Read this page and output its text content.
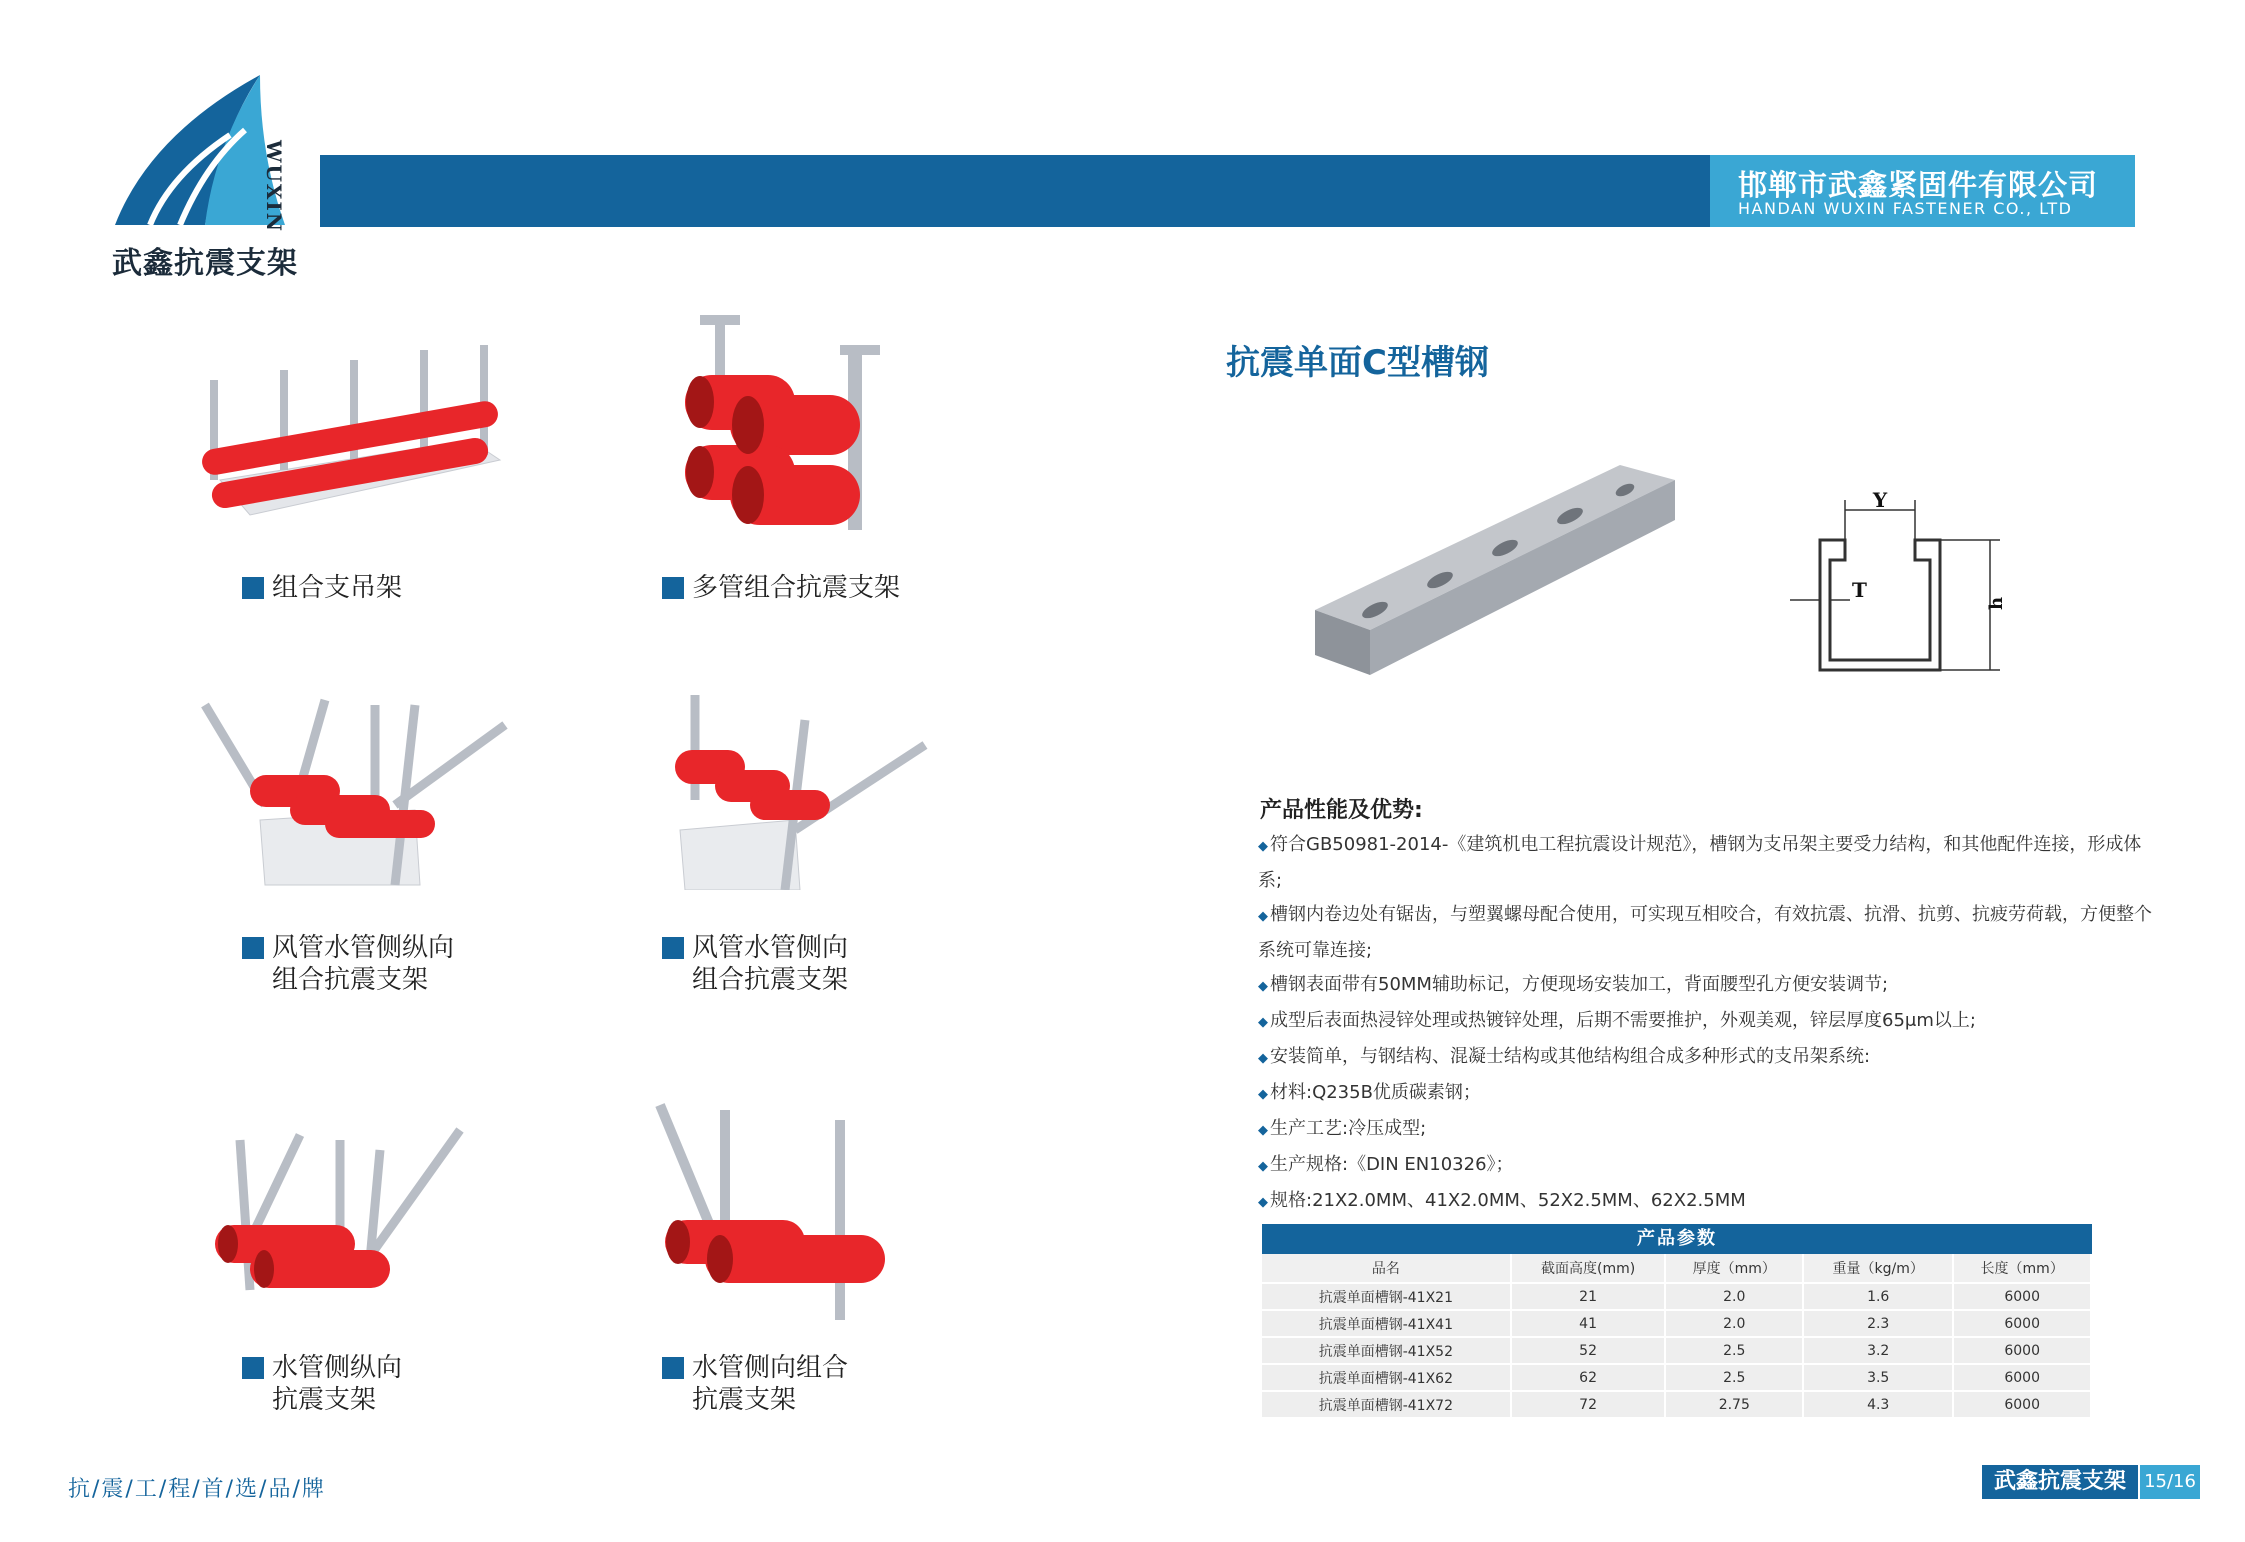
WUXIN
武鑫抗震支架
邯郸市武鑫紧固件有限公司
HANDAN WUXIN FASTENER CO., LTD
组合支吊架	多管组合抗震支架
风管水管侧纵向
组合抗震支架
风管水管侧向
组合抗震支架
水管侧纵向
抗震支架
水管侧向组合
抗震支架
抗震单面C型槽钢
Y
T
h
产品性能及优势:
◆ 符合GB50981-2014-《建筑机电工程抗震设计规范》，槽钢为支吊架主要受力结构，和其他配件连接，形成体系;
◆ 槽钢内卷边处有锯齿，与塑翼螺母配合使用，可实现互相咬合，有效抗震、抗滑、抗剪、抗疲劳荷载，方便整个系统可靠连接;
◆ 槽钢表面带有50MM辅助标记，方便现场安装加工，背面腰型孔方便安装调节;
◆ 成型后表面热浸锌处理或热镀锌处理，后期不需要推护，外观美观，锌层厚度65μm以上;
◆ 安装简单，与钢结构、混凝士结构或其他结构组合成多种形式的支吊架系统:
◆ 材料:Q235B优质碳素钢；
◆ 生产工艺:冷压成型;
◆ 生产规格:《DIN EN10326》；
◆ 规格:21X2.0MM、41X2.0MM、52X2.5MM、62X2.5MM
产品参数
品名	截面高度(mm)	厚度（mm）	重量（kg/m）	长度（mm）
抗震单面槽钢-41X21	21	2.0	1.6	6000
抗震单面槽钢-41X41	41	2.0	2.3	6000
抗震单面槽钢-41X52	52	2.5	3.2	6000
抗震单面槽钢-41X62	62	2.5	3.5	6000
抗震单面槽钢-41X72	72	2.75	4.3	6000
抗/震/工/程/首/选/品/牌	武鑫抗震支架	15/16
